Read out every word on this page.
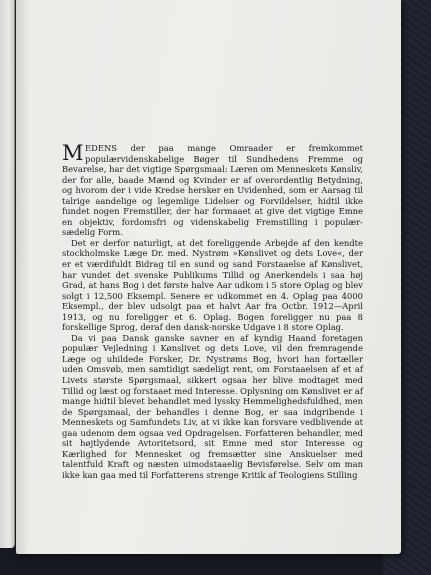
MEDENS der paa mange Omraader er fremkommet populærvidenskabelige Bøger til Sundhedens Fremme og Bevarelse, har det vigtige Spørgsmaal: Læren om Menneskets Kønsliv, der for alle, baade Mænd og Kvinder er af overordentlig Betydning, og hvorom der i vide Kredse hersker en Uvidenhed, som er Aarsag til talrige aandelige og legemlige Lidelser og Forvildelser, hidtil ikke fundet nogen Fremstiller, der har formaaet at give det vigtige Emne en objektiv, fordomsfri og videnskabelig Fremstilling i populær-sædelig Form.

Det er derfor naturligt, at det foreliggende Arbejde af den kendte stockholmske Læge Dr. med. Nystrøm »Kønslivet og dets Love«, der er et værdifuldt Bidrag til en sund og sand Forstaaelse af Kønslivet, har vundet det svenske Publikums Tillid og Anerkendels i saa høj Grad, at hans Bog i det første halve Aar udkom i 5 store Oplag og blev solgt i 12,500 Eksempl. Senere er udkommet en 4. Oplag paa 4000 Eksempl., der blev udsolgt paa et halvt Aar fra Octbr. 1912—April 1913, og nu foreligger et 6. Oplag. Bogen foreligger nu paa 8 forskellige Sprog, deraf den dansk-norske Udgave i 8 store Oplag.

Da vi paa Dansk ganske savner en af kyndig Haand foretagen populær Vejledning i Kønslivet og dets Love, vil den fremragende Læge og uhildede Forsker, Dr. Nystrøms Bog, hvori han fortæller uden Omsvøb, men samtidigt sædeligt rent, om Forstaaelsen af et af Livets største Spørgsmaal, sikkert ogsaa her blive modtaget med Tillid og læst og forstaaet med Interesse. Oplysning om Kønslivet er af mange hidtil blevet behandlet med lyssky Hemmelighedsfuldhed, men de Spørgsmaal, der behandles i denne Bog, er saa indgribende i Menneskets og Samfundets Liv, at vi ikke kan forsvare vedblivende at gaa udenom dem ogsaa ved Opdragelsen. Forfatteren behandler, med sit højtlydende Avtoritetsord, sit Emne med stor Interesse og Kærlighed for Mennesket og fremsætter sine Anskuelser med talentfuld Kraft og næsten uimodstaaelig Bevisførelse. Selv om man ikke kan gaa med til Forfatterens strenge Kritik af Teologiens Stilling
